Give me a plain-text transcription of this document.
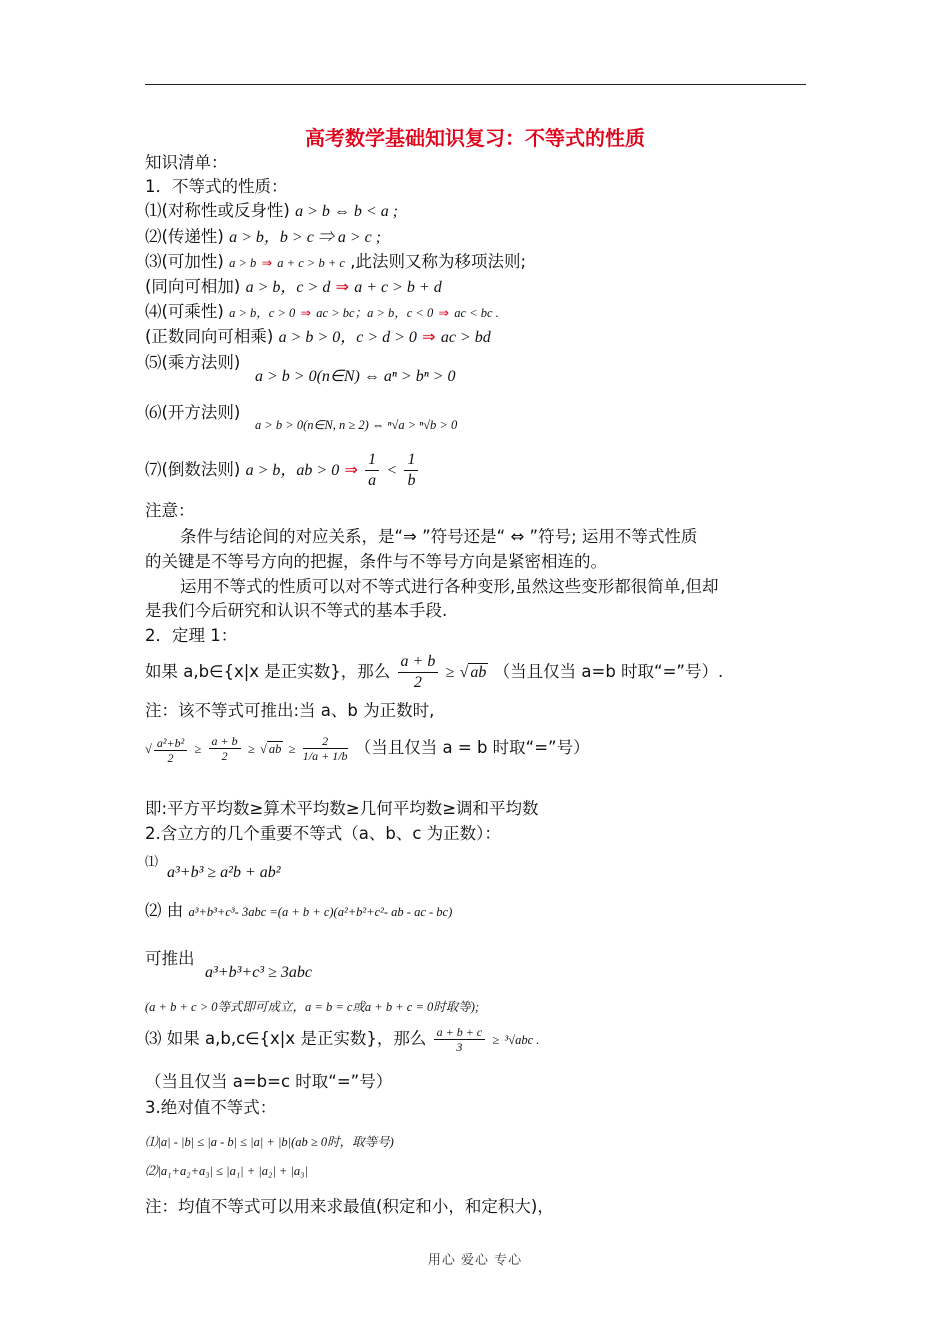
高考数学基础知识复习：不等式的性质
知识清单：
1．不等式的性质：
⑴(对称性或反身性) a > b ⇔ b < a ;
⑵(传递性) a > b，b > c ⇒ a > c ;
⑶(可加性) a > b ⇒ a + c > b + c ,此法则又称为移项法则;
(同向可相加) a > b，c > d ⇒ a + c > b + d
⑷(可乘性) a > b，c > 0 ⇒ ac > bc；a > b，c < 0 ⇒ ac < bc .
(正数同向可相乘) a > b > 0，c > d > 0 ⇒ ac > bd
⑸(乘方法则)
a > b > 0(n∈N) ⇔ aⁿ > bⁿ > 0
⑹(开方法则)
a > b > 0(n∈N, n ≥ 2) ⇔ ⁿ√a > ⁿ√b > 0
⑺(倒数法则) a > b，ab > 0 ⇒ $\frac{1}{a} < \frac{1}{b}$
注意：
条件与结论间的对应关系，是“⇒ ”符号还是“ ⇔ ”符号; 运用不等式性质
的关键是不等号方向的把握，条件与不等号方向是紧密相连的。
运用不等式的性质可以对不等式进行各种变形,虽然这些变形都很简单,但却
是我们今后研究和认识不等式的基本手段.
2．定理 1：
如果 a,b∈{x|x 是正实数}，那么 $\frac{a + b}{2}$ ≥ √ ab （当且仅当 a=b 时取“=”号）.
注：该不等式可推出:当 a、b 为正数时,
√ $\frac{\text{a²+b²}}{2} \ge \frac{a + b}{2}$ ≥ √ ab ≥ $\frac{2}{1/a + 1/b}$ （当且仅当 a = b 时取“=”号）
即:平方平均数≥算术平均数≥几何平均数≥调和平均数
2.含立方的几个重要不等式（a、b、c 为正数）：
⑴
a³+b³ ≥ a²b + ab²
⑵ 由 a³+b³+c³- 3abc =(a + b + c)(a²+b²+c²- ab - ac - bc)
可推出
a³+b³+c³ ≥ 3abc
(a + b + c > 0等式即可成立，a = b = c或a + b + c = 0时取等);
⑶ 如果 a,b,c∈{x|x 是正实数}，那么 $\frac{a + b + c}{3} \ge ^3√abc$ .
（当且仅当 a=b=c 时取“=”号）
3.绝对值不等式：
⑴|a| - |b| ≤ |a - b| ≤ |a| + |b|(ab ≥ 0时，取等号)
⑵|a₁+a₂+a₃| ≤ |a₁| + |a₂| + |a₃|
注：均值不等式可以用来求最值(积定和小，和定积大)，
用心 爱心 专心
